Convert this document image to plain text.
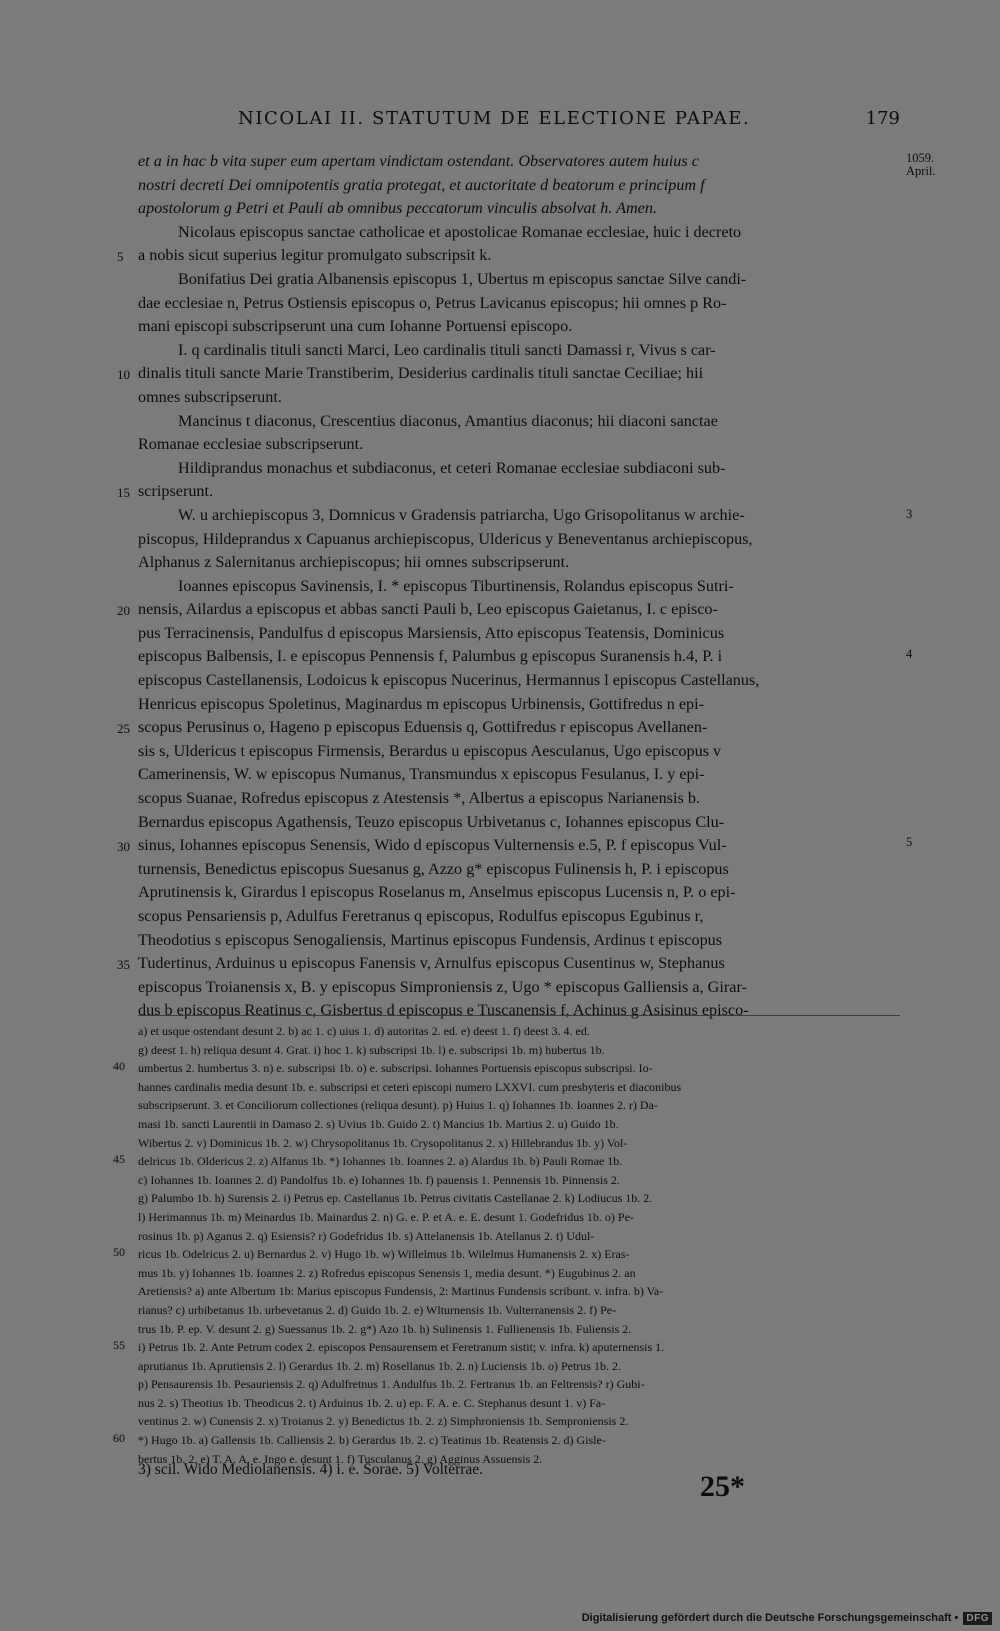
NICOLAI II. STATUTUM DE ELECTIONE PAPAE.	179
1059.
April.
3
4
5
5
10
15
20
25
30
35
et a in hac b vita super eum apertam vindictam ostendant. Observatores autem huius c
nostri decreti Dei omnipotentis gratia protegat, et auctoritate d beatorum e principum f
apostolorum g Petri et Pauli ab omnibus peccatorum vinculis absolvat h. Amen.
Nicolaus episcopus sanctae catholicae et apostolicae Romanae ecclesiae, huic i decreto
a nobis sicut superius legitur promulgato subscripsit k.
Bonifatius Dei gratia Albanensis episcopus 1, Ubertus m episcopus sanctae Silve candi-
dae ecclesiae n, Petrus Ostiensis episcopus o, Petrus Lavicanus episcopus; hii omnes p Ro-
mani episcopi subscripserunt una cum Iohanne Portuensi episcopo.
I. q cardinalis tituli sancti Marci, Leo cardinalis tituli sancti Damassi r, Vivus s car-
dinalis tituli sancte Marie Transtiberim, Desiderius cardinalis tituli sanctae Ceciliae; hii
omnes subscripserunt.
Mancinus t diaconus, Crescentius diaconus, Amantius diaconus; hii diaconi sanctae
Romanae ecclesiae subscripserunt.
Hildiprandus monachus et subdiaconus, et ceteri Romanae ecclesiae subdiaconi sub-
scripserunt.
W. u archiepiscopus 3, Domnicus v Gradensis patriarcha, Ugo Grisopolitanus w archie-
piscopus, Hildeprandus x Capuanus archiepiscopus, Uldericus y Beneventanus archiepiscopus,
Alphanus z Salernitanus archiepiscopus; hii omnes subscripserunt.
Ioannes episcopus Savinensis, I. * episcopus Tiburtinensis, Rolandus episcopus Sutri-
nensis, Ailardus a episcopus et abbas sancti Pauli b, Leo episcopus Gaietanus, I. c episco-
pus Terracinensis, Pandulfus d episcopus Marsiensis, Atto episcopus Teatensis, Dominicus
episcopus Balbensis, I. e episcopus Pennensis f, Palumbus g episcopus Suranensis h.4, P. i
episcopus Castellanensis, Lodoicus k episcopus Nucerinus, Hermannus l episcopus Castellanus,
Henricus episcopus Spoletinus, Maginardus m episcopus Urbinensis, Gottifredus n epi-
scopus Perusinus o, Hageno p episcopus Eduensis q, Gottifredus r episcopus Avellanen-
sis s, Uldericus t episcopus Firmensis, Berardus u episcopus Aesculanus, Ugo episcopus v
Camerinensis, W. w episcopus Numanus, Transmundus x episcopus Fesulanus, I. y epi-
scopus Suanae, Rofredus episcopus z Atestensis *, Albertus a episcopus Narianensis b.
Bernardus episcopus Agathensis, Teuzo episcopus Urbivetanus c, Iohannes episcopus Clu-
sinus, Iohannes episcopus Senensis, Wido d episcopus Vulternensis e.5, P. f episcopus Vul-
turnensis, Benedictus episcopus Suesanus g, Azzo g* episcopus Fulinensis h, P. i episcopus
Aprutinensis k, Girardus l episcopus Roselanus m, Anselmus episcopus Lucensis n, P. o epi-
scopus Pensariensis p, Adulfus Feretranus q episcopus, Rodulfus episcopus Egubinus r,
Theodotius s episcopus Senogaliensis, Martinus episcopus Fundensis, Ardinus t episcopus
Tudertinus, Arduinus u episcopus Fanensis v, Arnulfus episcopus Cusentinus w, Stephanus
episcopus Troianensis x, B. y episcopus Simproniensis z, Ugo * episcopus Galliensis a, Girar-
dus b episcopus Reatinus c, Gisbertus d episcopus e Tuscanensis f, Achinus g Asisinus episco-
40
45
50
55
60
a) et usque ostendant desunt 2. b) ac 1. c) uius 1. d) autoritas 2. ed. e) deest 1. f) deest 3. 4. ed.
g) deest 1. h) reliqua desunt 4. Grat. i) hoc 1. k) subscripsi 1b. l) e. subscripsi 1b. m) hubertus 1b.
umbertus 2. humbertus 3. n) e. subscripsi 1b. o) e. subscripsi. Iohannes Portuensis episcopus subscripsi. Io-
hannes cardinalis media desunt 1b. e. subscripsi et ceteri episcopi numero LXXVI. cum presbyteris et diaconibus
subscripserunt. 3. et Conciliorum collectiones (reliqua desunt). p) Huius 1. q) Iohannes 1b. Ioannes 2. r) Da-
masi 1b. sancti Laurentii in Damaso 2. s) Uvius 1b. Guido 2. t) Mancius 1b. Martius 2. u) Guido 1b.
Wibertus 2. v) Dominicus 1b. 2. w) Chrysopolitanus 1b. Crysopolitanus 2. x) Hillebrandus 1b. y) Vol-
delricus 1b. Oldericus 2. z) Alfanus 1b. *) Iohannes 1b. Ioannes 2. a) Alardus 1b. b) Pauli Romae 1b.
c) Iohannes 1b. Ioannes 2. d) Pandolfus 1b. e) Iohannes 1b. f) pauensis 1. Pennensis 1b. Pinnensis 2.
g) Palumbo 1b. h) Surensis 2. i) Petrus ep. Castellanus 1b. Petrus civitatis Castellanae 2. k) Lodiucus 1b. 2.
l) Herimannus 1b. m) Meinardus 1b. Mainardus 2. n) G. e. P. et A. e. E. desunt 1. Godefridus 1b. o) Pe-
rosinus 1b. p) Aganus 2. q) Esiensis? r) Godefridus 1b. s) Attelanensis 1b. Atellanus 2. t) Udul-
ricus 1b. Odelricus 2. u) Bernardus 2. v) Hugo 1b. w) Willelmus 1b. Wilelmus Humanensis 2. x) Eras-
mus 1b. y) Iohannes 1b. Ioannes 2. z) Rofredus episcopus Senensis 1, media desunt. *) Eugubinus 2. an
Aretiensis? a) ante Albertum 1b: Marius episcopus Fundensis, 2: Martinus Fundensis scribunt. v. infra. b) Va-
rianus? c) urbibetanus 1b. urbevetanus 2. d) Guido 1b. 2. e) Wlturnensis 1b. Vulterranensis 2. f) Pe-
trus 1b. P. ep. V. desunt 2. g) Suessanus 1b. 2. g*) Azo 1b. h) Sulinensis 1. Fullienensis 1b. Fuliensis 2.
i) Petrus 1b. 2. Ante Petrum codex 2. episcopos Pensaurensem et Feretranum sistit; v. infra. k) aputernensis 1.
aprutianus 1b. Aprutiensis 2. l) Gerardus 1b. 2. m) Rosellanus 1b. 2. n) Luciensis 1b. o) Petrus 1b. 2.
p) Pensaurensis 1b. Pesauriensis 2. q) Adulfretnus 1. Andulfus 1b. 2. Fertranus 1b. an Feltrensis? r) Gubi-
nus 2. s) Theotius 1b. Theodicus 2. t) Arduinus 1b. 2. u) ep. F. A. e. C. Stephanus desunt 1. v) Fa-
ventinus 2. w) Cunensis 2. x) Troianus 2. y) Benedictus 1b. 2. z) Simphroniensis 1b. Semproniensis 2.
*) Hugo 1b. a) Gallensis 1b. Calliensis 2. b) Gerardus 1b. 2. c) Teatinus 1b. Reatensis 2. d) Gisle-
bertus 1b. 2. e) T. A. A. e. Ingo e. desunt 1. f) Tusculanus 2. g) Agginus Assuensis 2.
3) scil. Wido Mediolanensis. 4) i. e. Sorae. 5) Volterrae.
25*
Digitalisierung gefördert durch die Deutsche Forschungsgemeinschaft • DFG
